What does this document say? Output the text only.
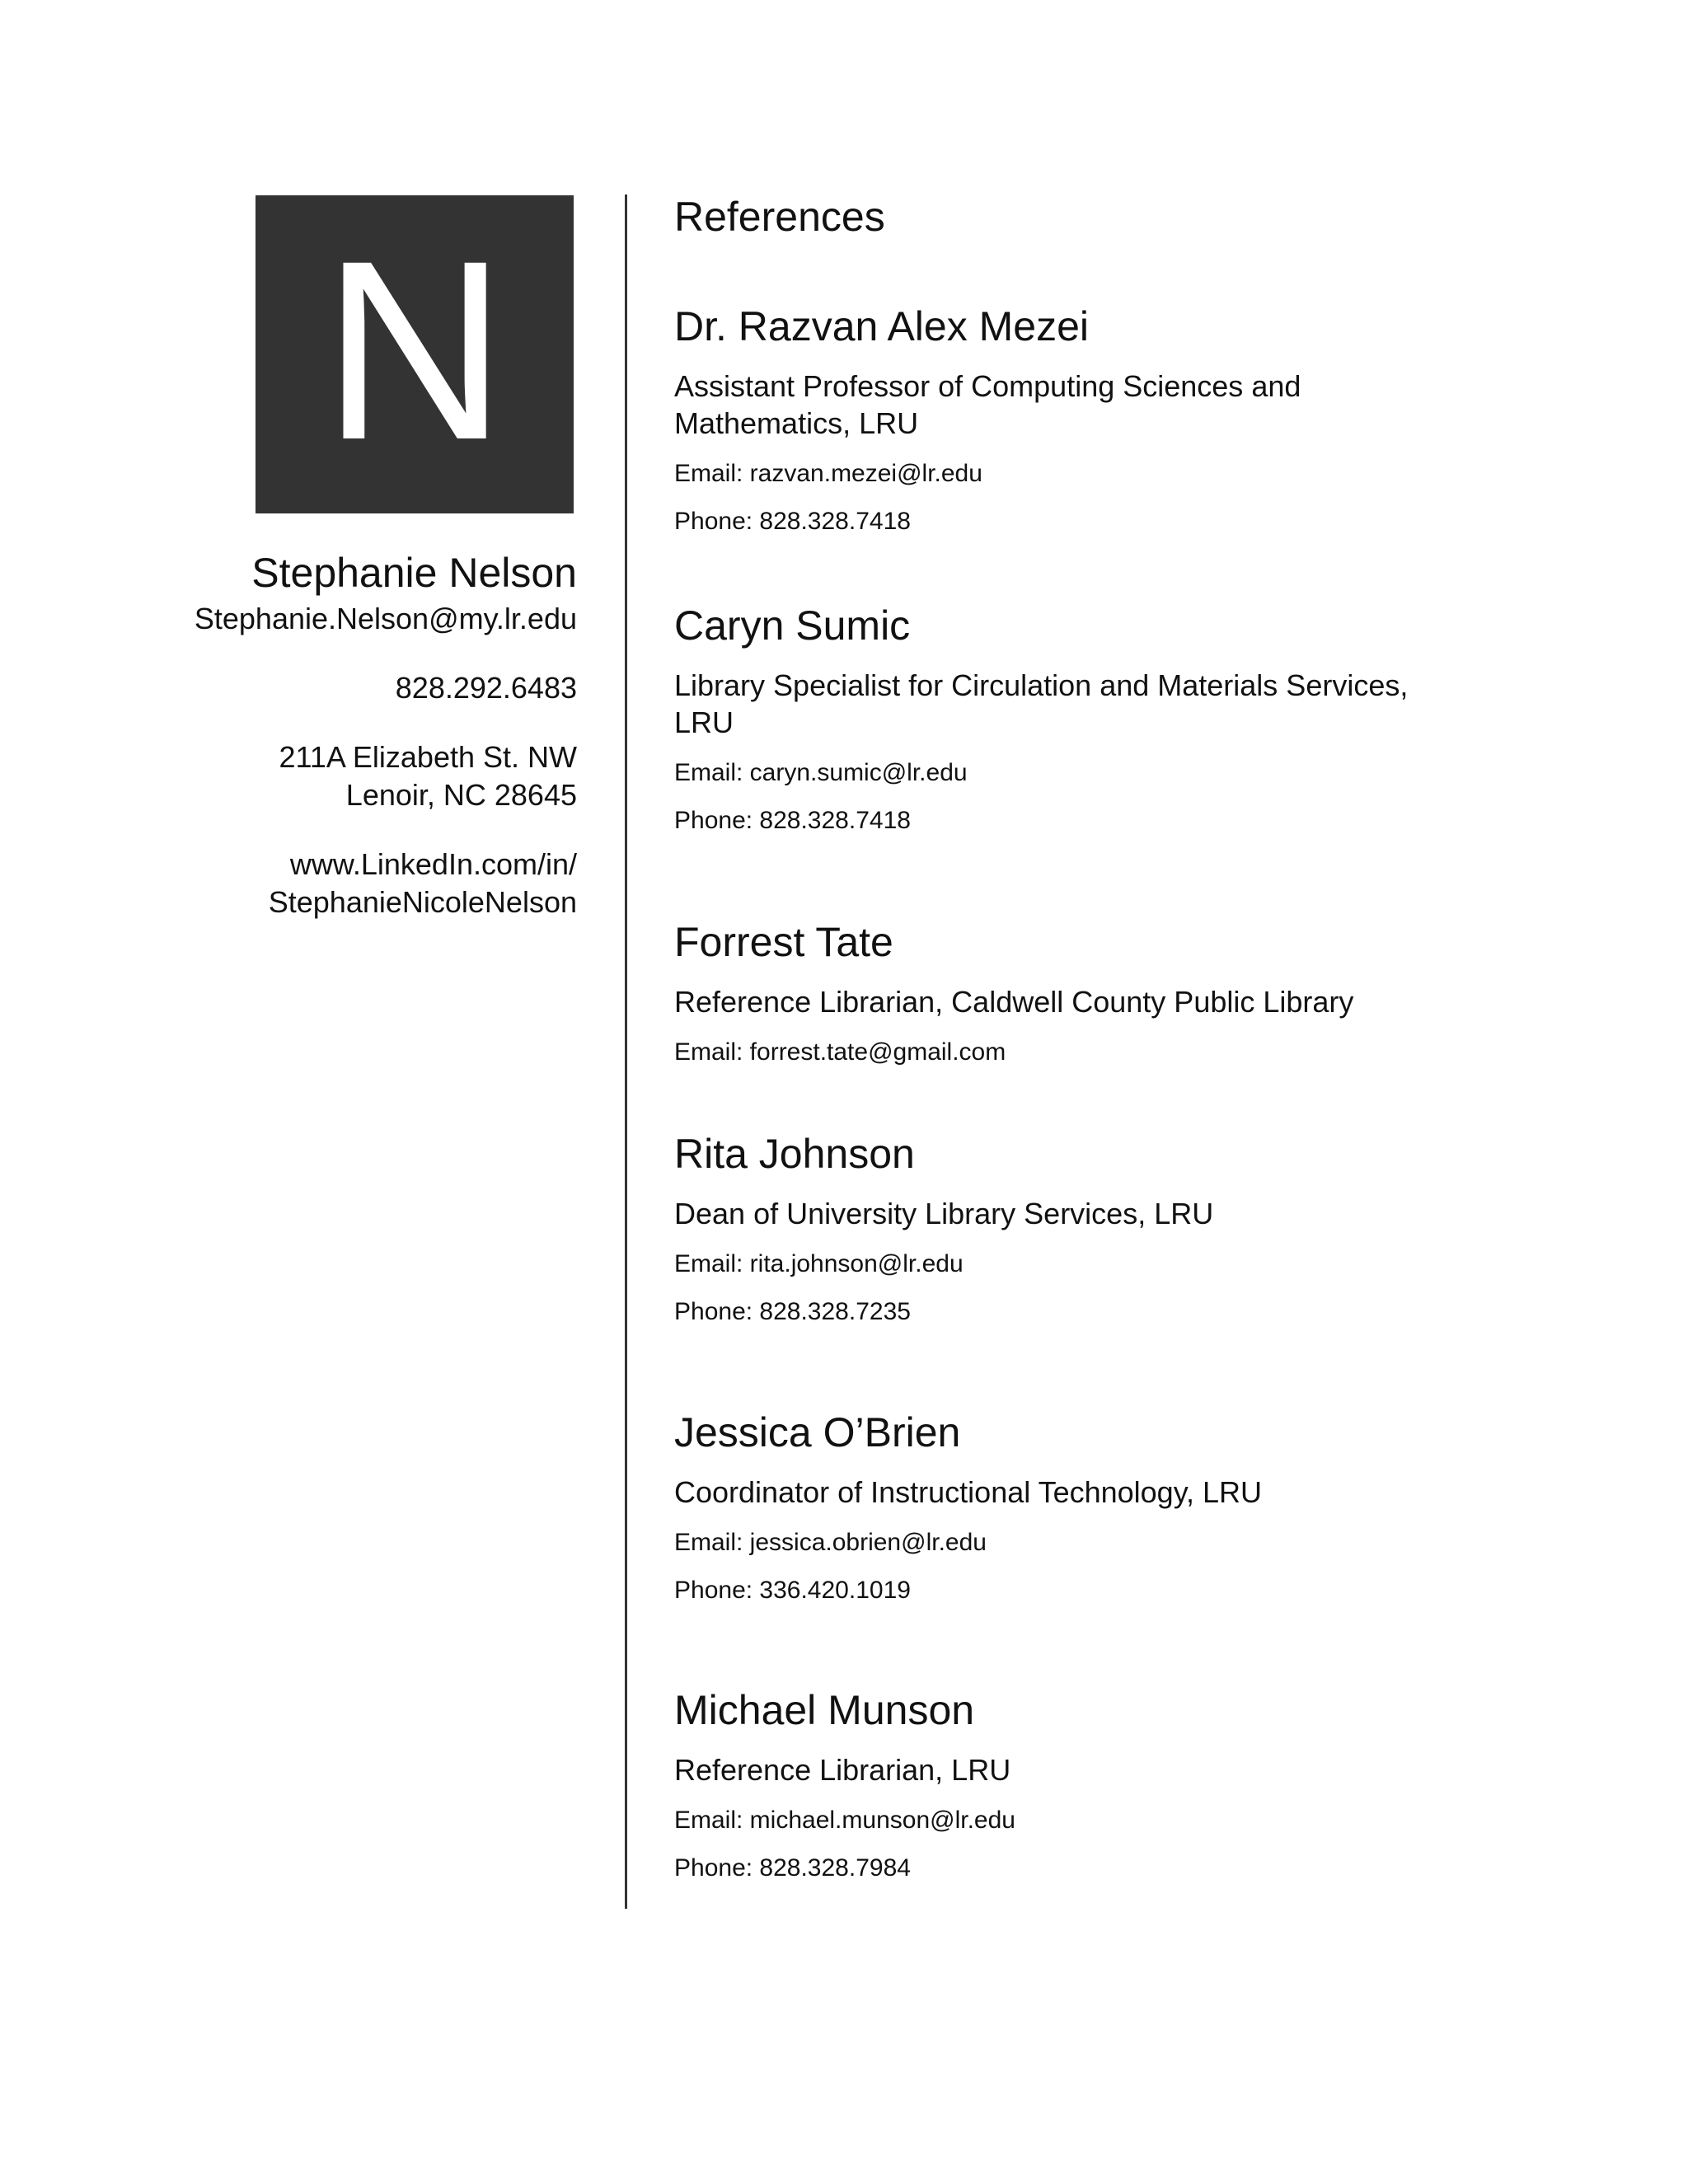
N

Stephanie Nelson

Stephanie.Nelson@my.lr.edu

828.292.6483

211A Elizabeth St. NW

Lenoir, NC 28645

www.LinkedIn.com/in/

StephanieNicoleNelson

References

Dr. Razvan Alex Mezei

Assistant Professor of Computing Sciences and Mathematics, LRU

Email: razvan.mezei@lr.edu

Phone: 828.328.7418

Caryn Sumic

Library Specialist for Circulation and Materials Services, LRU

Email: caryn.sumic@lr.edu

Phone: 828.328.7418

Forrest Tate

Reference Librarian, Caldwell County Public Library

Email: forrest.tate@gmail.com

Rita Johnson

Dean of University Library Services, LRU

Email: rita.johnson@lr.edu

Phone: 828.328.7235

Jessica O’Brien

Coordinator of Instructional Technology, LRU

Email: jessica.obrien@lr.edu

Phone: 336.420.1019

Michael Munson

Reference Librarian, LRU

Email: michael.munson@lr.edu

Phone: 828.328.7984
